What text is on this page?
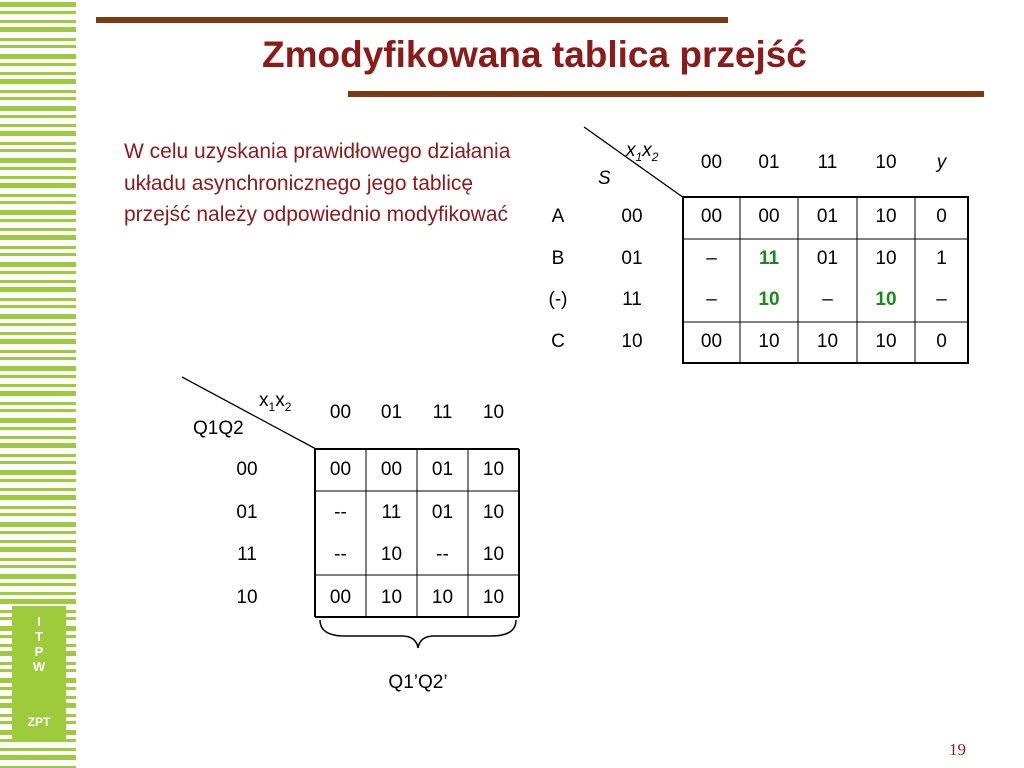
I
T
P
W
ZPT
Zmodyfikowana tablica przejść
W celu uzyskania prawidłowego działania układu asynchronicznego jego tablicę przejść należy odpowiednio modyfikować
$x_1x_2$
S
00	01	11	10	y
A	00	00	00	01	10	0
B	01	–	11	01	10	1
(-)	11	–	10	–	10	–
C	10	00	10	10	10	0
$x_1x_2$
Q1Q2
00	01	11	10
00	00	00	01	10
01	--	11	01	10
11	--	10	--	10
10	00	10	10	10
Q1’Q2’
19
